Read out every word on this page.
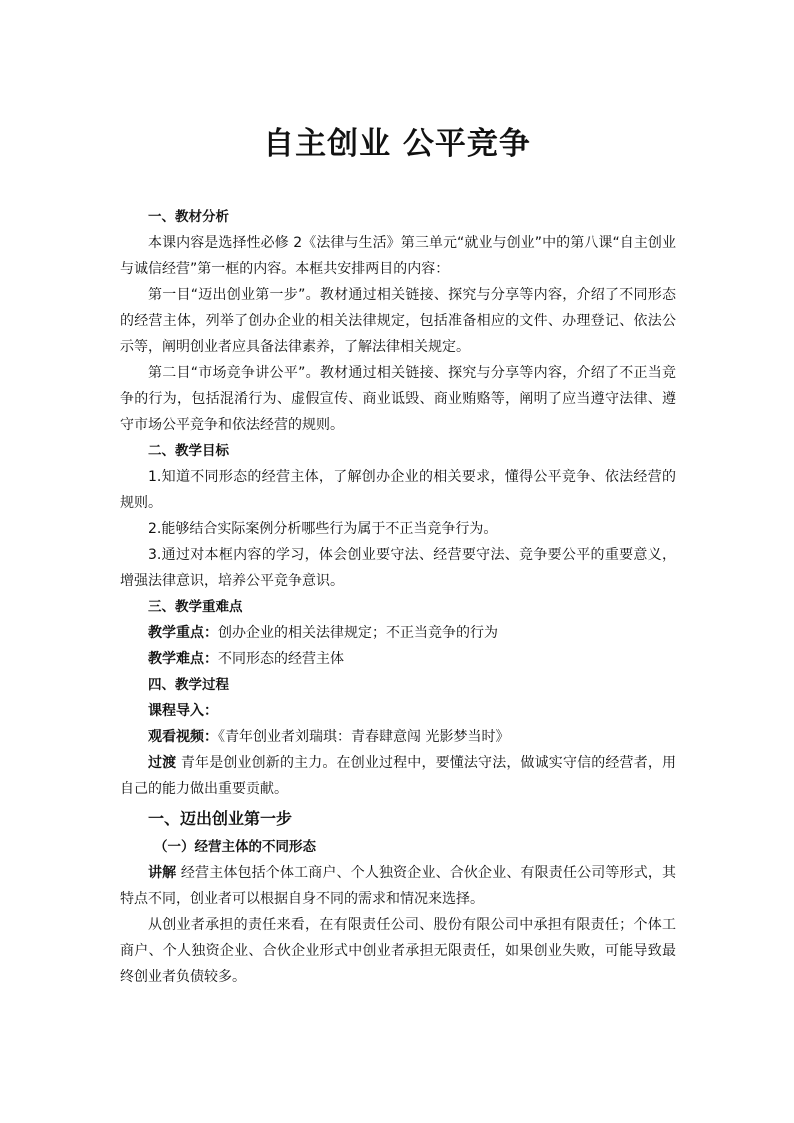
自主创业 公平竞争

一、教材分析

本课内容是选择性必修 2《法律与生活》第三单元“就业与创业”中的第八课“自主创业与诚信经营”第一框的内容。本框共安排两目的内容：

第一目“迈出创业第一步”。教材通过相关链接、探究与分享等内容，介绍了不同形态的经营主体，列举了创办企业的相关法律规定，包括准备相应的文件、办理登记、依法公示等，阐明创业者应具备法律素养，了解法律相关规定。

第二目“市场竞争讲公平”。教材通过相关链接、探究与分享等内容，介绍了不正当竞争的行为，包括混淆行为、虚假宣传、商业诋毁、商业贿赂等，阐明了应当遵守法律、遵守市场公平竞争和依法经营的规则。

二、教学目标

1.知道不同形态的经营主体，了解创办企业的相关要求，懂得公平竞争、依法经营的规则。

2.能够结合实际案例分析哪些行为属于不正当竞争行为。

3.通过对本框内容的学习，体会创业要守法、经营要守法、竞争要公平的重要意义，增强法律意识，培养公平竞争意识。

三、教学重难点

教学重点：创办企业的相关法律规定；不正当竞争的行为

教学难点：不同形态的经营主体

四、教学过程

课程导入：

观看视频：《青年创业者刘瑞琪：青春肆意闯 光影梦当时》

过渡 青年是创业创新的主力。在创业过程中，要懂法守法，做诚实守信的经营者，用自己的能力做出重要贡献。

一、迈出创业第一步

（一）经营主体的不同形态

讲解 经营主体包括个体工商户、个人独资企业、合伙企业、有限责任公司等形式，其特点不同，创业者可以根据自身不同的需求和情况来选择。

从创业者承担的责任来看，在有限责任公司、股份有限公司中承担有限责任；个体工商户、个人独资企业、合伙企业形式中创业者承担无限责任，如果创业失败，可能导致最终创业者负债较多。
